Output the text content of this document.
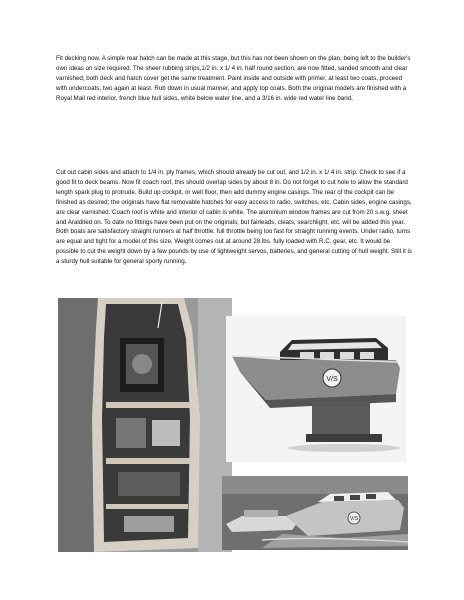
Fit decking now. A simple rear hatch can be made at this stage, but this has not been shown on the plan, being left to the builder's own ideas on size required. The sheer rubbing strips,1/2 in. x 1/ 4 in. half round section, are now fitted, sanded smooth and clear varnished; both deck and hatch cover get the same treatment. Paint inside and outside with primer, at least two coats, proceed with undercoats, two again at least. Rub down in usual manner, and apply top coats. Both the original models are finished with a Royal Mail red interior, french blue hull sides, white below water line, and a 3/16 in. wide red water line band.

Cut out cabin sides and attach to 1/4 in. ply frames, which should already be cut out, and 1/2 in. x 1/ 4 in. strip. Check to see if a good fit to deck beams. Now fit coach roof, this should overlap sides by about 8 in. Do not forget to cut hole to allow the standard length spark plug to protrude. Build up cockpit, or well floor, then add dummy engine casings. The rear of the cockpit can be finished as desired; the originals have flat removable hatches for easy access to radio, switches, etc. Cabin sides, engine casings, are clear varnished. Coach roof is white and interior of cabin is white. The aluminium window frames are cut from 20 s.w.g. sheet and Araldited on. To date no fittings have been put on the originals, but fairleads, cleats, searchlight, etc. will be added this year. Both boats are satisfactory straight runners at half throttle, full throttle being too fast for straight running events. Under radio, turns are equal and tight for a model of this size. Weight comes out at around 28 lbs. fully loaded with R.C. gear, etc. It would be possible to cut the weight down by a few pounds by use of lightweight servos, batteries, and general cutting of hull weight. Still it is a sturdy hull suitable for general sporty running.

V/S
V/S
